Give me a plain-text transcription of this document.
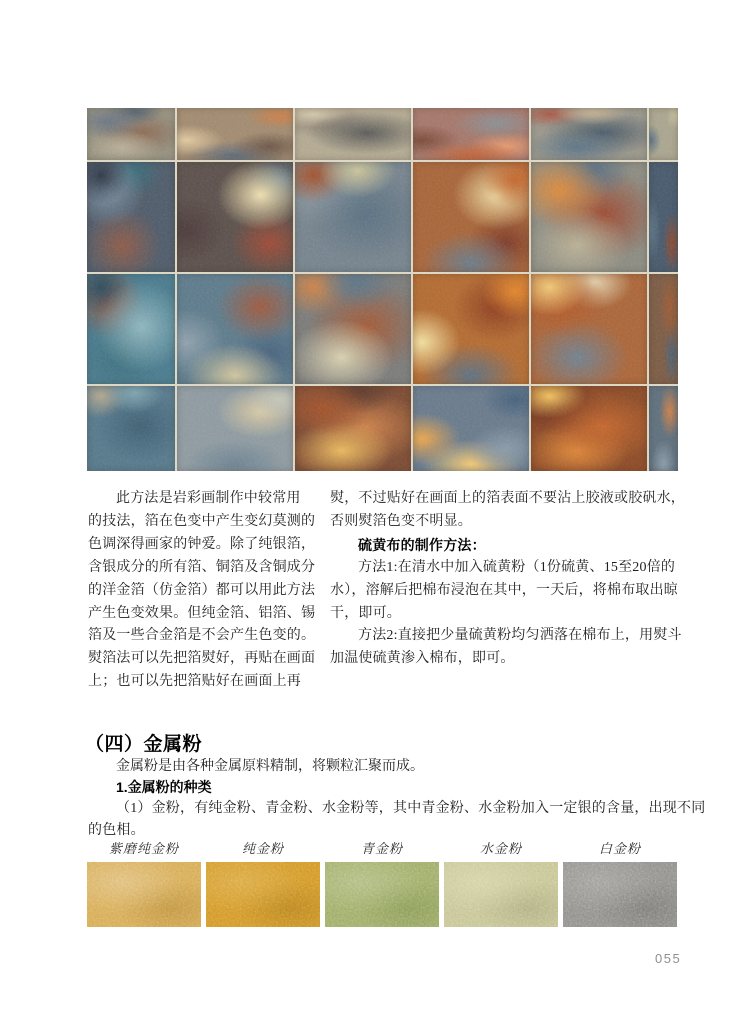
此方法是岩彩画制作中较常用
的技法，箔在色变中产生变幻莫测的
色调深得画家的钟爱。除了纯银箔，
含银成分的所有箔、铜箔及含铜成分
的洋金箔（仿金箔）都可以用此方法
产生色变效果。但纯金箔、铝箔、锡
箔及一些合金箔是不会产生色变的。
熨箔法可以先把箔熨好，再贴在画面
上；也可以先把箔贴好在画面上再
熨，不过贴好在画面上的箔表面不要沾上胶液或胶矾水，
否则熨箔色变不明显。
硫黄布的制作方法：
方法1:在清水中加入硫黄粉（1份硫黄、15至20倍的
水），溶解后把棉布浸泡在其中，一天后，将棉布取出晾
干，即可。
方法2:直接把少量硫黄粉均匀洒落在棉布上，用熨斗
加温使硫黄渗入棉布，即可。
（四）金属粉
金属粉是由各种金属原料精制，将颗粒汇聚而成。
1.金属粉的种类
（1）金粉，有纯金粉、青金粉、水金粉等，其中青金粉、水金粉加入一定银的含量，出现不同
的色相。
紫磨纯金粉	纯金粉	青金粉	水金粉	白金粉
055
